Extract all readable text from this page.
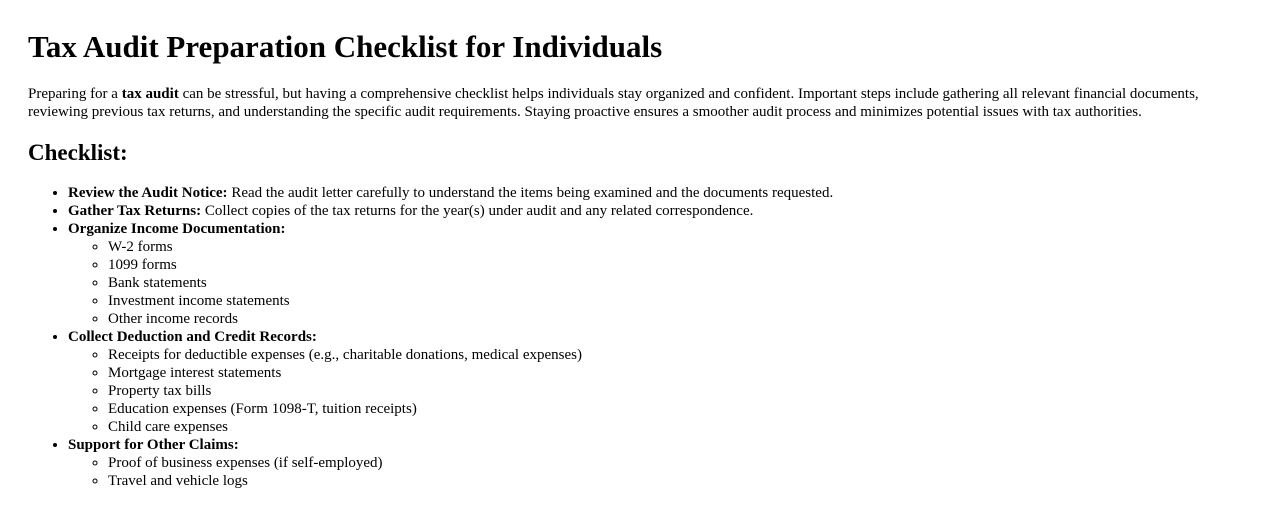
Tax Audit Preparation Checklist for Individuals

Preparing for a tax audit can be stressful, but having a comprehensive checklist helps individuals stay organized and confident. Important steps include gathering all relevant financial documents, reviewing previous tax returns, and understanding the specific audit requirements. Staying proactive ensures a smoother audit process and minimizes potential issues with tax authorities.

Checklist:
• Review the Audit Notice: Read the audit letter carefully to understand the items being examined and the documents requested.
• Gather Tax Returns: Collect copies of the tax returns for the year(s) under audit and any related correspondence.
• Organize Income Documentation:
◦ W-2 forms
◦ 1099 forms
◦ Bank statements
◦ Investment income statements
◦ Other income records
• Collect Deduction and Credit Records:
◦ Receipts for deductible expenses (e.g., charitable donations, medical expenses)
◦ Mortgage interest statements
◦ Property tax bills
◦ Education expenses (Form 1098-T, tuition receipts)
◦ Child care expenses
• Support for Other Claims:
◦ Proof of business expenses (if self-employed)
◦ Travel and vehicle logs
